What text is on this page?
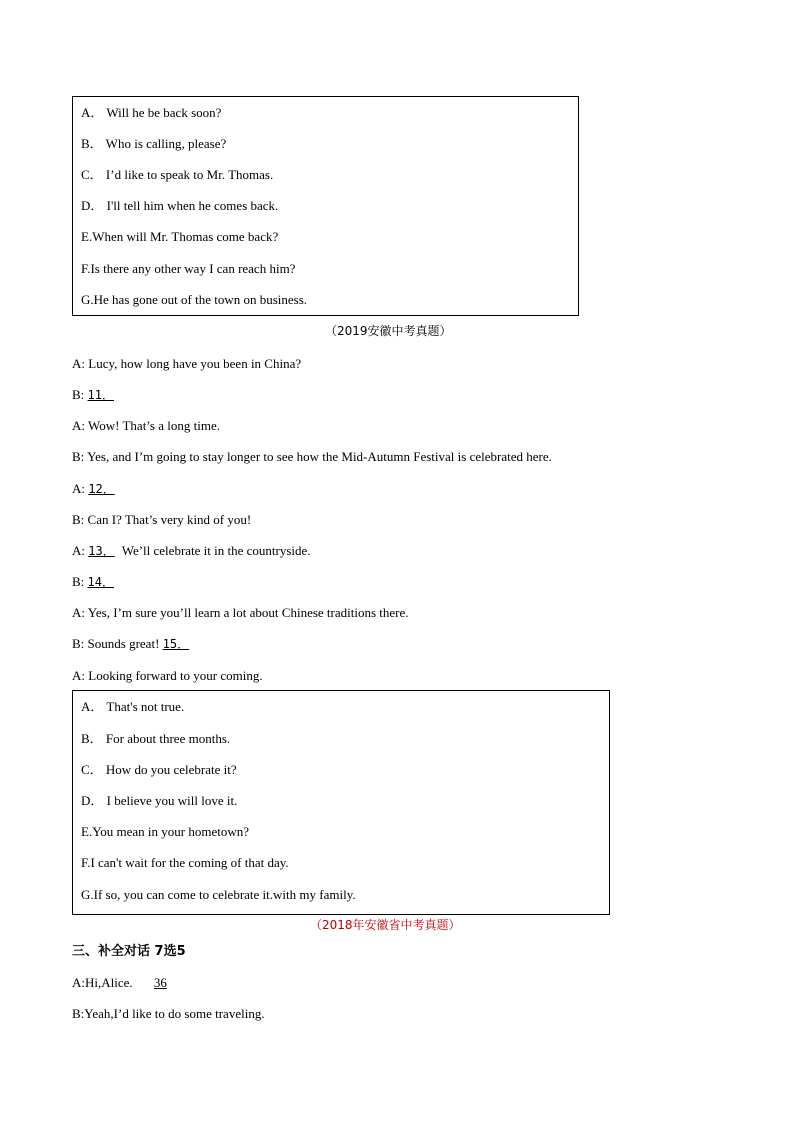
A． Will he be back soon?
B． Who is calling, please?
C． I’d like to speak to Mr. Thomas.
D． I'll tell him when he comes back.
E.When will Mr. Thomas come back?
F.Is there any other way I can reach him?
G.He has gone out of the town on business.
（2019安徽中考真题）
A: Lucy, how long have you been in China?
B: 11．
A: Wow! That’s a long time.
B: Yes, and I’m going to stay longer to see how the Mid-Autumn Festival is celebrated here.
A: 12．
B: Can I? That’s very kind of you!
A: 13． We’ll celebrate it in the countryside.
B: 14．
A: Yes, I’m sure you’ll learn a lot about Chinese traditions there.
B: Sounds great! 15．
A: Looking forward to your coming.
A． That's not true.
B． For about three months.
C． How do you celebrate it?
D． I believe you will love it.
E.You mean in your hometown?
F.I can't wait for the coming of that day.
G.If so, you can come to celebrate it.with my family.
（2018年安徽省中考真题）
三、补全对话 7选5
A:Hi,Alice. 36
B:Yeah,I’d like to do some traveling.
